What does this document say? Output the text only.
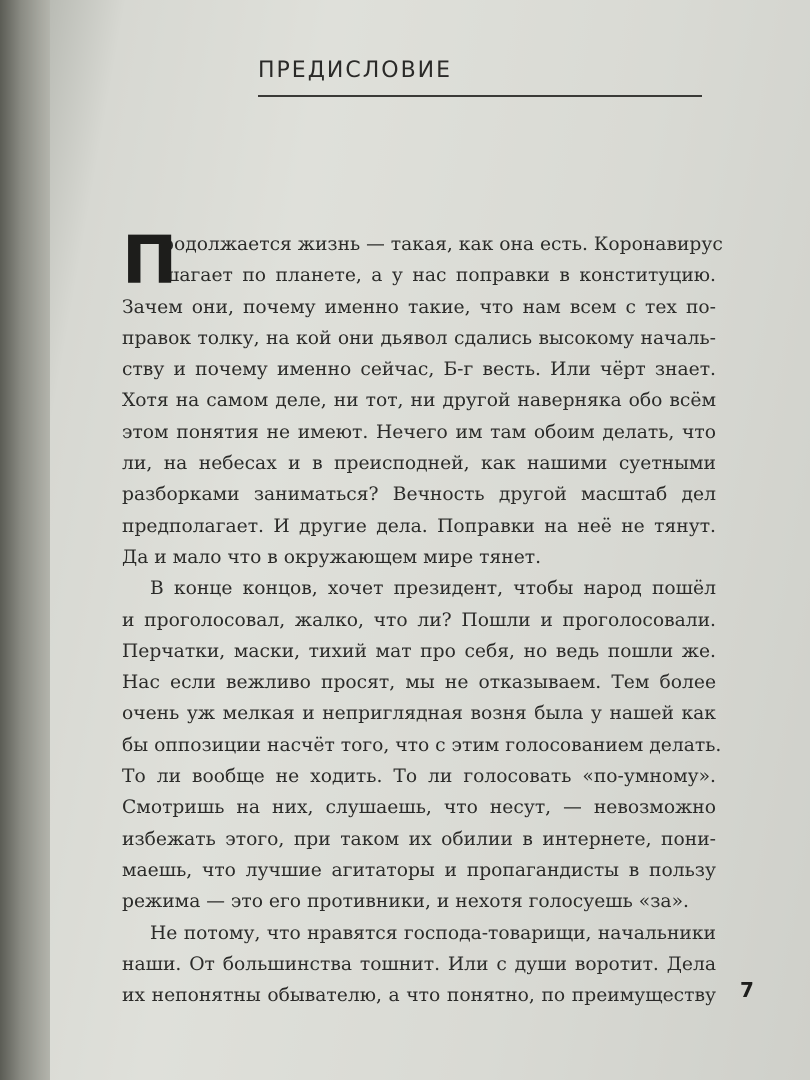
ПРЕДИСЛОВИЕ
П
родолжается жизнь — такая, как она есть. Коронавирус
шагает по планете, а у нас поправки в конституцию.
Зачем они, почему именно такие, что нам всем с тех по-
правок толку, на кой они дьявол сдались высокому началь-
ству и почему именно сейчас, Б-г весть. Или чёрт знает.
Хотя на самом деле, ни тот, ни другой наверняка обо всём
этом понятия не имеют. Нечего им там обоим делать, что
ли, на небесах и в преисподней, как нашими суетными
разборками заниматься? Вечность другой масштаб дел
предполагает. И другие дела. Поправки на неё не тянут.
Да и мало что в окружающем мире тянет.
В конце концов, хочет президент, чтобы народ пошёл
и проголосовал, жалко, что ли? Пошли и проголосовали.
Перчатки, маски, тихий мат про себя, но ведь пошли же.
Нас если вежливо просят, мы не отказываем. Тем более
очень уж мелкая и неприглядная возня была у нашей как
бы оппозиции насчёт того, что с этим голосованием делать.
То ли вообще не ходить. То ли голосовать «по-умному».
Смотришь на них, слушаешь, что несут, — невозможно
избежать этого, при таком их обилии в интернете, пони-
маешь, что лучшие агитаторы и пропагандисты в пользу
режима — это его противники, и нехотя голосуешь «за».
Не потому, что нравятся господа-товарищи, начальники
наши. От большинства тошнит. Или с души воротит. Дела
их непонятны обывателю, а что понятно, по преимуществу 7
